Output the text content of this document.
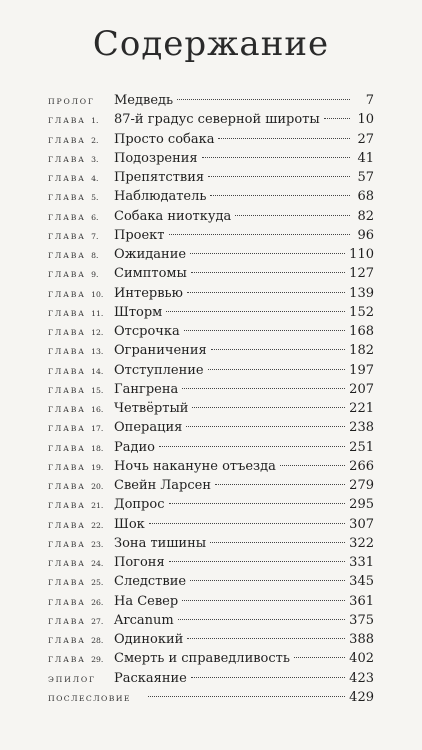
Содержание
ПРОЛОГ	Медведь	7
ГЛАВА 1.	87-й градус северной широты	10
ГЛАВА 2.	Просто собака	27
ГЛАВА 3.	Подозрения	41
ГЛАВА 4.	Препятствия	57
ГЛАВА 5.	Наблюдатель	68
ГЛАВА 6.	Собака ниоткуда	82
ГЛАВА 7.	Проект	96
ГЛАВА 8.	Ожидание	110
ГЛАВА 9.	Симптомы	127
ГЛАВА 10. Интервью	139
ГЛАВА 11. Шторм	152
ГЛАВА 12. Отсрочка	168
ГЛАВА 13. Ограничения	182
ГЛАВА 14. Отступление	197
ГЛАВА 15. Гангрена	207
ГЛАВА 16. Четвёртый	221
ГЛАВА 17. Операция	238
ГЛАВА 18. Радио	251
ГЛАВА 19. Ночь накануне отъезда	266
ГЛАВА 20. Свейн Ларсен	279
ГЛАВА 21. Допрос	295
ГЛАВА 22. Шок	307
ГЛАВА 23. Зона тишины	322
ГЛАВА 24. Погоня	331
ГЛАВА 25. Следствие	345
ГЛАВА 26. На Север	361
ГЛАВА 27. Arcanum	375
ГЛАВА 28. Одинокий	388
ГЛАВА 29. Смерть и справедливость	402
ЭПИЛОГ	Раскаяние	423
ПОСЛЕСЛОВИЕ	429
